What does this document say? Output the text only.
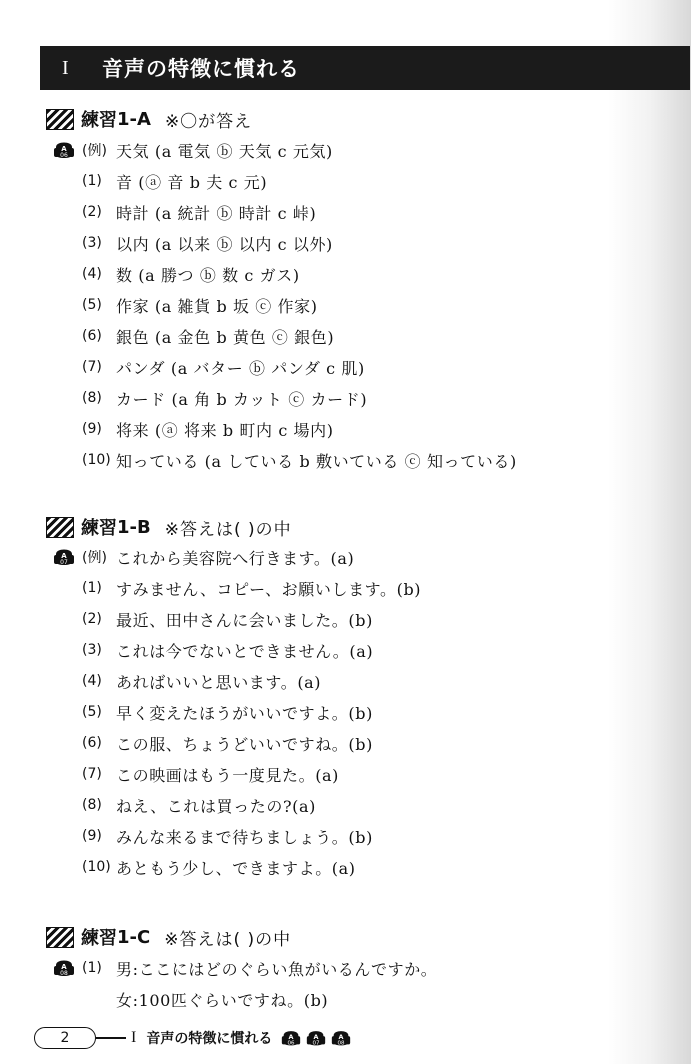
I	音声の特徴に慣れる
練習 1-A ※〇が答え
A
06 (例) 天気 (a 電気 ⓑ 天気 c 元気)
(1) 音 (ⓐ 音 b 夫 c 元)
(2) 時計 (a 統計 ⓑ 時計 c 峠)
(3) 以内 (a 以来 ⓑ 以内 c 以外)
(4) 数 (a 勝つ ⓑ 数 c ガス)
(5) 作家 (a 雑貨 b 坂 ⓒ 作家)
(6) 銀色 (a 金色 b 黄色 ⓒ 銀色)
(7) パンダ (a バター ⓑ パンダ c 肌)
(8) カード (a 角 b カット ⓒ カード)
(9) 将来 (ⓐ 将来 b 町内 c 場内)
(10) 知っている (a している b 敷いている ⓒ 知っている)
練習 1-B ※答えは( )の中
A
07 (例) これから美容院へ行きます。(a)
(1) すみません、コピー、お願いします。(b)
(2) 最近、田中さんに会いました。(b)
(3) これは今でないとできません。(a)
(4) あればいいと思います。(a)
(5) 早く変えたほうがいいですよ。(b)
(6) この服、ちょうどいいですね。(b)
(7) この映画はもう一度見た。(a)
(8) ねえ、これは買ったの?(a)
(9) みんな来るまで待ちましょう。(b)
(10) あともう少し、できますよ。(a)
練習 1-C ※答えは( )の中
A
08 (1) 男:ここにはどのぐらい魚がいるんですか。
女:100匹ぐらいですね。(b)
2	I 音声の特徴に慣れる A
06
A
07
A
08
